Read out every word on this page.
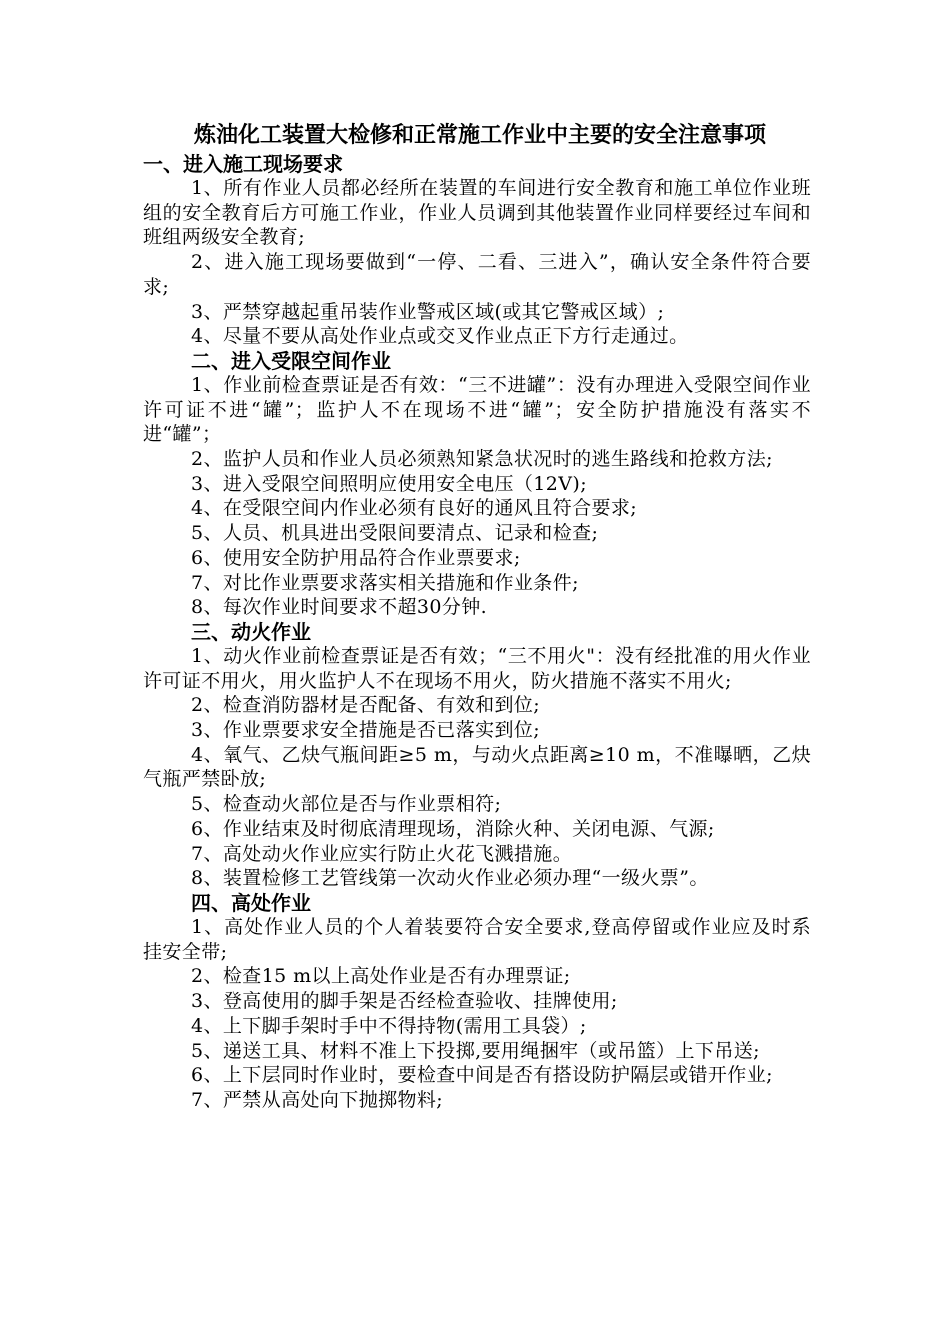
炼油化工装置大检修和正常施工作业中主要的安全注意事项
一、进入施工现场要求

1、所有作业人员都必经所在装置的车间进行安全教育和施工单位作业班组的安全教育后方可施工作业，作业人员调到其他装置作业同样要经过车间和班组两级安全教育;

2、进入施工现场要做到“一停、二看、三进入”，确认安全条件符合要求;

3、严禁穿越起重吊装作业警戒区域(或其它警戒区域）;

4、尽量不要从高处作业点或交叉作业点正下方行走通过。

二、进入受限空间作业

1、作业前检查票证是否有效：“三不进罐”：没有办理进入受限空间作业许可证不进“罐”；监护人不在现场不进“罐”；安全防护措施没有落实不进“罐”；

2、监护人员和作业人员必须熟知紧急状况时的逃生路线和抢救方法;

3、进入受限空间照明应使用安全电压（12V);

4、在受限空间内作业必须有良好的通风且符合要求;

5、人员、机具进出受限间要清点、记录和检查;

6、使用安全防护用品符合作业票要求;

7、对比作业票要求落实相关措施和作业条件;

8、每次作业时间要求不超30分钟.

三、动火作业

1、动火作业前检查票证是否有效；“三不用火"：没有经批准的用火作业许可证不用火，用火监护人不在现场不用火，防火措施不落实不用火;

2、检查消防器材是否配备、有效和到位;

3、作业票要求安全措施是否已落实到位;

4、氧气、乙炔气瓶间距≥5 m，与动火点距离≥10 m，不准曝晒，乙炔气瓶严禁卧放;

5、检查动火部位是否与作业票相符;

6、作业结束及时彻底清理现场，消除火种、关闭电源、气源;

7、高处动火作业应实行防止火花飞溅措施。

8、装置检修工艺管线第一次动火作业必须办理“一级火票”。

四、高处作业

1、高处作业人员的个人着装要符合安全要求,登高停留或作业应及时系挂安全带;

2、检查15 m以上高处作业是否有办理票证;

3、登高使用的脚手架是否经检查验收、挂牌使用;

4、上下脚手架时手中不得持物(需用工具袋）;

5、递送工具、材料不准上下投掷,要用绳捆牢（或吊篮）上下吊送;

6、上下层同时作业时，要检查中间是否有搭设防护隔层或错开作业;

7、严禁从高处向下抛掷物料;
